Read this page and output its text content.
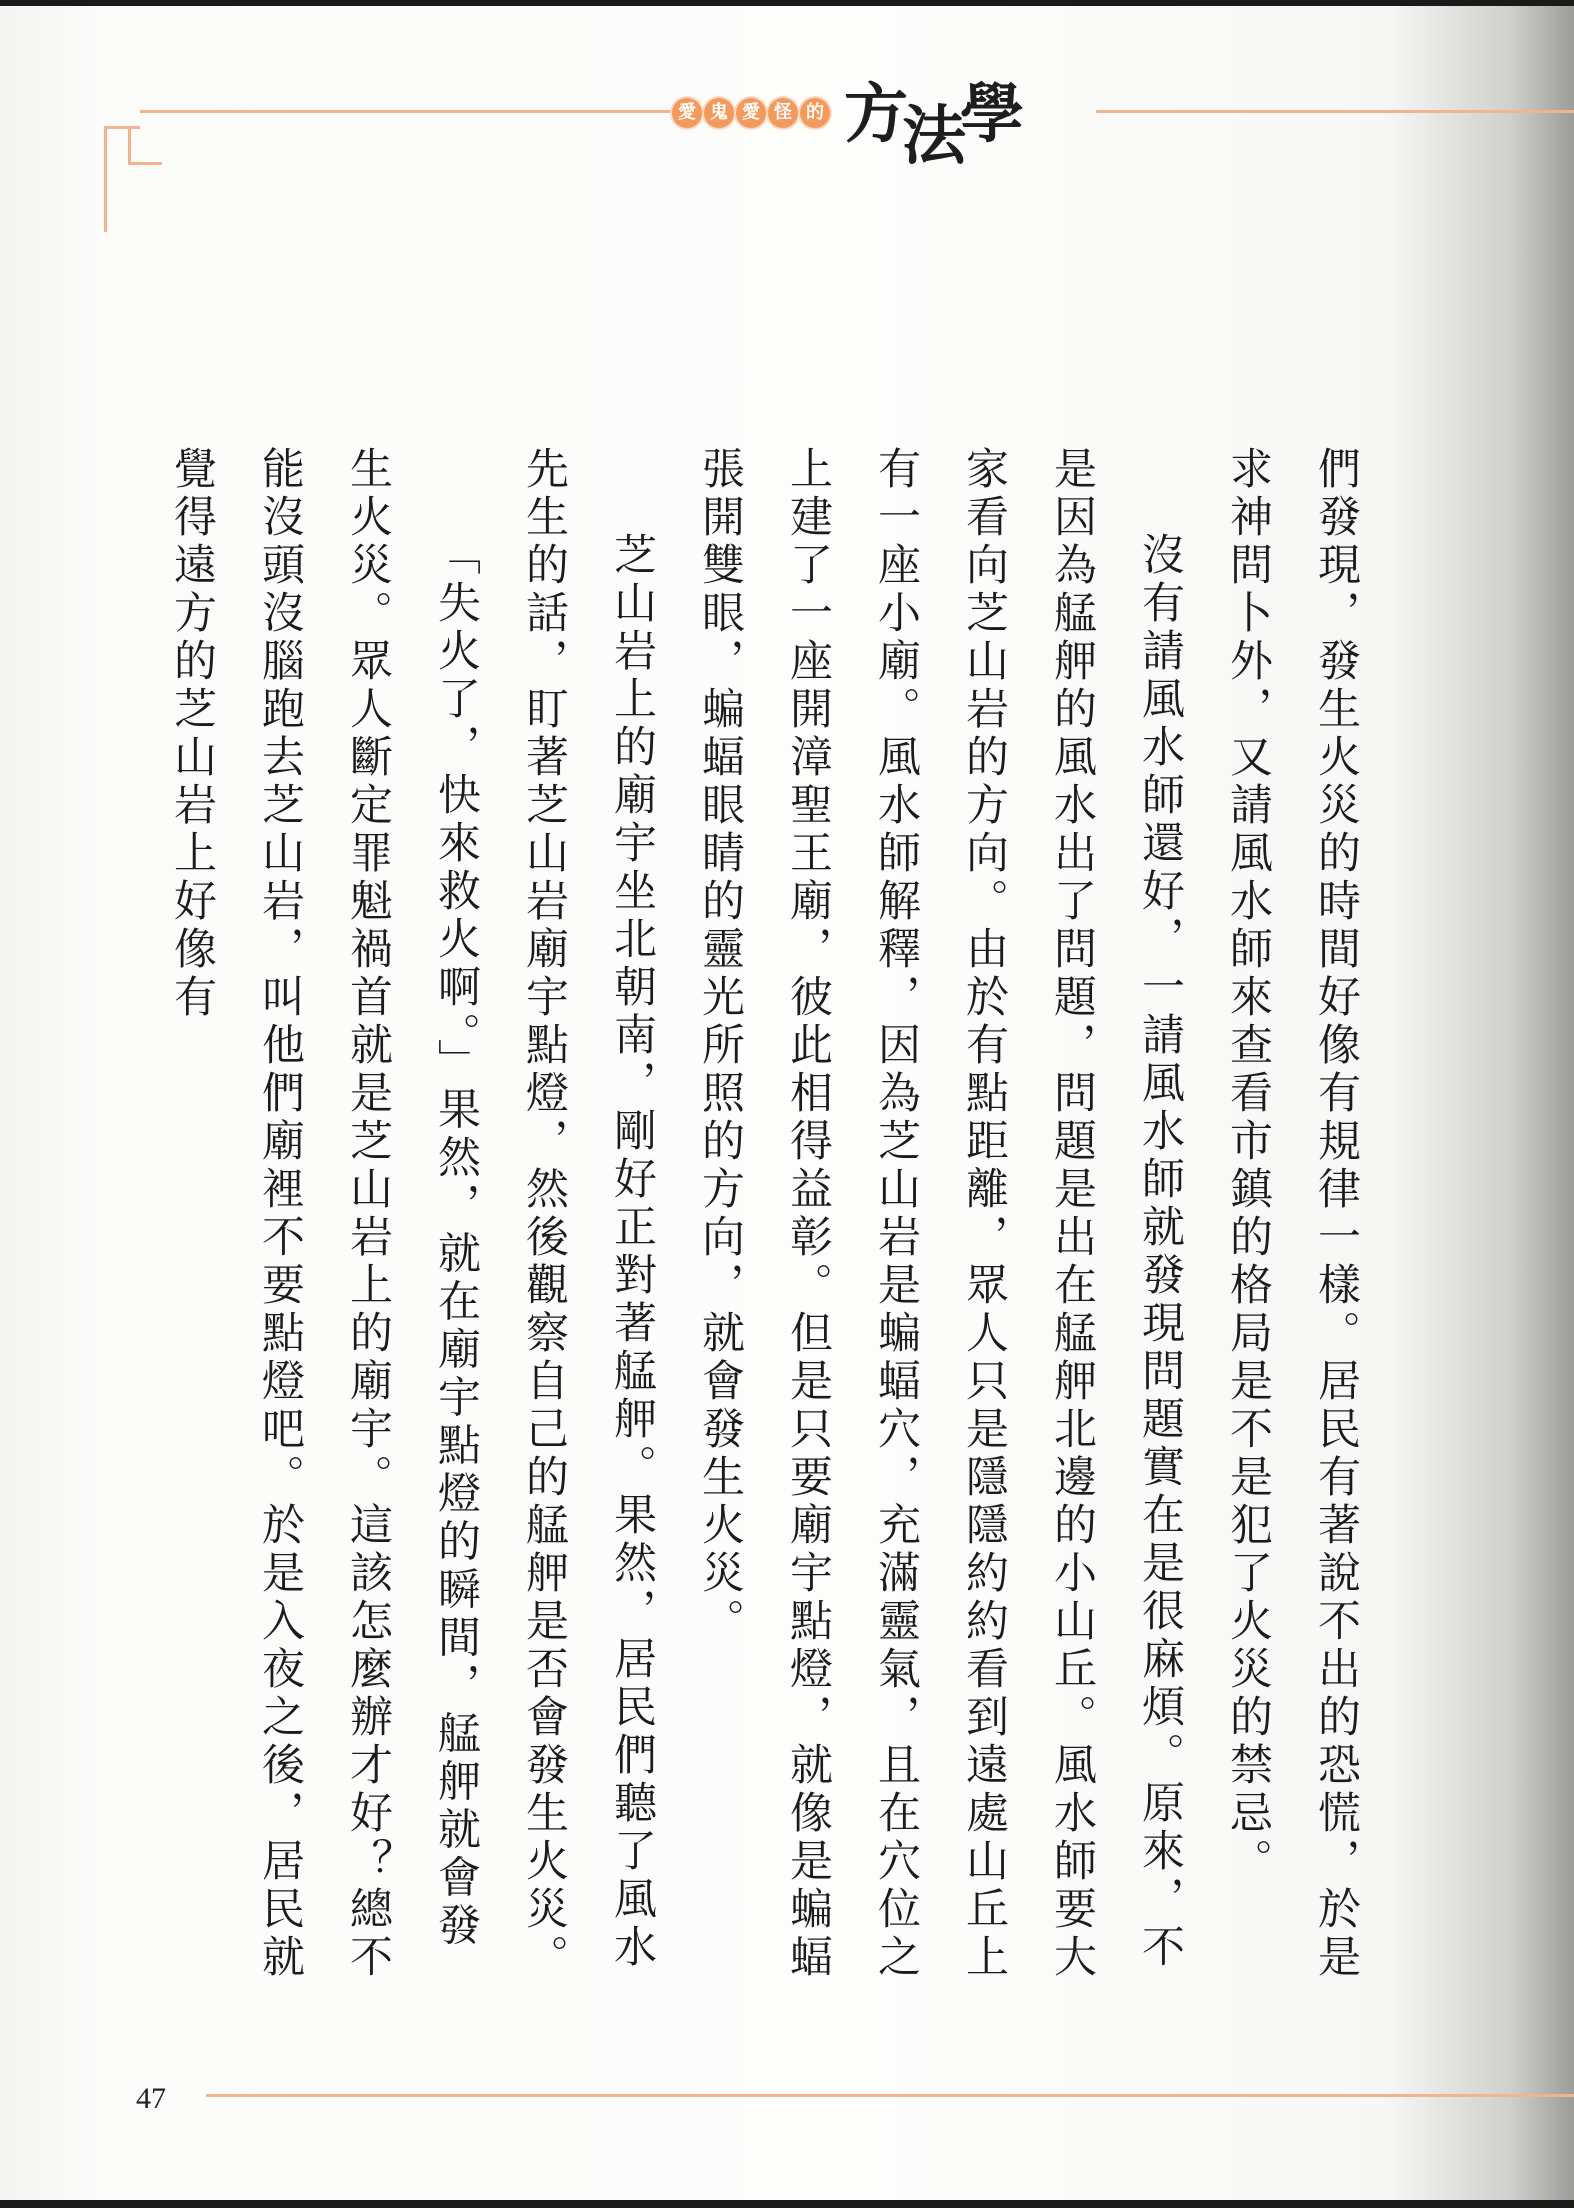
愛 鬼 愛 怪 的 方法學

們發現，發生火災的時間好像有規律一樣。居民有著說不出的恐慌，於是求神問卜外，又請風水師來查看市鎮的格局是不是犯了火災的禁忌。

沒有請風水師還好，一請風水師就發現問題實在是很麻煩。原來，不是因為艋舺的風水出了問題，問題是出在艋舺北邊的小山丘。風水師要大家看向芝山岩的方向。由於有點距離，眾人只是隱隱約約看到遠處山丘上有一座小廟。風水師解釋，因為芝山岩是蝙蝠穴，充滿靈氣，且在穴位之上建了一座開漳聖王廟，彼此相得益彰。但是只要廟宇點燈，就像是蝙蝠張開雙眼，蝙蝠眼睛的靈光所照的方向，就會發生火災。

芝山岩上的廟宇坐北朝南，剛好正對著艋舺。果然，居民們聽了風水先生的話，盯著芝山岩廟宇點燈，然後觀察自己的艋舺是否會發生火災。

「失火了，快來救火啊。」果然，就在廟宇點燈的瞬間，艋舺就會發生火災。眾人斷定罪魁禍首就是芝山岩上的廟宇。這該怎麼辦才好？總不能沒頭沒腦跑去芝山岩，叫他們廟裡不要點燈吧。於是入夜之後，居民就覺得遠方的芝山岩上好像有

47
